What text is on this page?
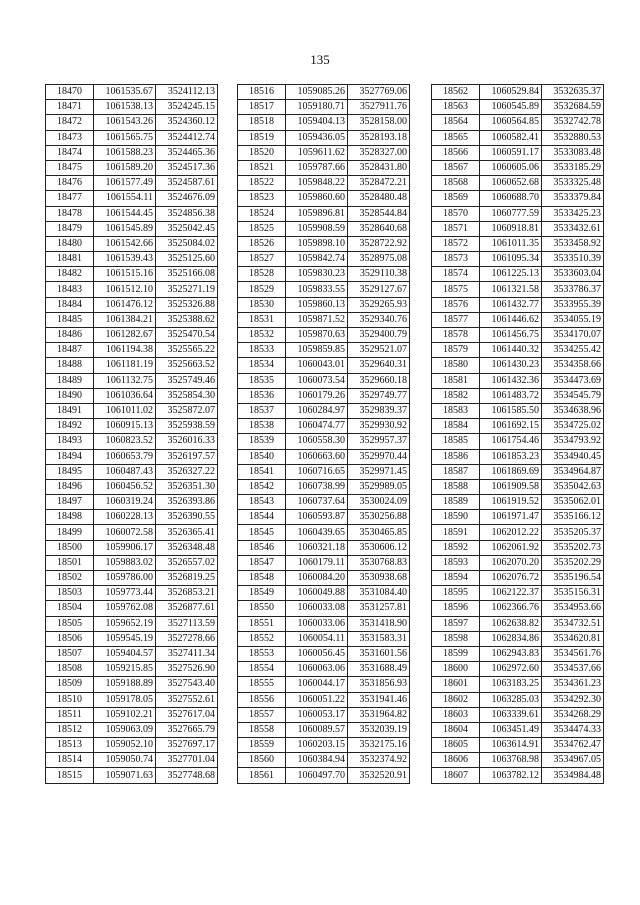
135
18470	1061535.67	3524112.13
18471	1061538.13	3524245.15
18472	1061543.26	3524360.12
18473	1061565.75	3524412.74
18474	1061588.23	3524465.36
18475	1061589.20	3524517.36
18476	1061577.49	3524587.61
18477	1061554.11	3524676.09
18478	1061544.45	3524856.38
18479	1061545.89	3525042.45
18480	1061542.66	3525084.02
18481	1061539.43	3525125.60
18482	1061515.16	3525166.08
18483	1061512.10	3525271.19
18484	1061476.12	3525326.88
18485	1061384.21	3525388.62
18486	1061282.67	3525470.54
18487	1061194.38	3525565.22
18488	1061181.19	3525663.52
18489	1061132.75	3525749.46
18490	1061036.64	3525854.30
18491	1061011.02	3525872.07
18492	1060915.13	3525938.59
18493	1060823.52	3526016.33
18494	1060653.79	3526197.57
18495	1060487.43	3526327.22
18496	1060456.52	3526351.30
18497	1060319.24	3526393.86
18498	1060228.13	3526390.55
18499	1060072.58	3526365.41
18500	1059906.17	3526348.48
18501	1059883.02	3526557.02
18502	1059786.00	3526819.25
18503	1059773.44	3526853.21
18504	1059762.08	3526877.61
18505	1059652.19	3527113.59
18506	1059545.19	3527278.66
18507	1059404.57	3527411.34
18508	1059215.85	3527526.90
18509	1059188.89	3527543.40
18510	1059178.05	3527552.61
18511	1059102.21	3527617.04
18512	1059063.09	3527665.79
18513	1059052.10	3527697.17
18514	1059050.74	3527701.04
18515	1059071.63	3527748.68
18516	1059085.26	3527769.06
18517	1059180.71	3527911.76
18518	1059404.13	3528158.00
18519	1059436.05	3528193.18
18520	1059611.62	3528327.00
18521	1059787.66	3528431.80
18522	1059848.22	3528472.21
18523	1059860.60	3528480.48
18524	1059896.81	3528544.84
18525	1059908.59	3528640.68
18526	1059898.10	3528722.92
18527	1059842.74	3528975.08
18528	1059830.23	3529110.38
18529	1059833.55	3529127.67
18530	1059860.13	3529265.93
18531	1059871.52	3529340.76
18532	1059870.63	3529400.79
18533	1059859.85	3529521.07
18534	1060043.01	3529640.31
18535	1060073.54	3529660.18
18536	1060179.26	3529749.77
18537	1060284.97	3529839.37
18538	1060474.77	3529930.92
18539	1060558.30	3529957.37
18540	1060663.60	3529970.44
18541	1060716.65	3529971.45
18542	1060738.99	3529989.05
18543	1060737.64	3530024.09
18544	1060593.87	3530256.88
18545	1060439.65	3530465.85
18546	1060321.18	3530606.12
18547	1060179.11	3530768.83
18548	1060084.20	3530938.68
18549	1060049.88	3531084.40
18550	1060033.08	3531257.81
18551	1060033.06	3531418.90
18552	1060054.11	3531583.31
18553	1060056.45	3531601.56
18554	1060063.06	3531688.49
18555	1060044.17	3531856.93
18556	1060051.22	3531941.46
18557	1060053.17	3531964.82
18558	1060089.57	3532039.19
18559	1060203.15	3532175.16
18560	1060384.94	3532374.92
18561	1060497.70	3532520.91
18562	1060529.84	3532635.37
18563	1060545.89	3532684.59
18564	1060564.85	3532742.78
18565	1060582.41	3532880.53
18566	1060591.17	3533083.48
18567	1060605.06	3533185.29
18568	1060652.68	3533325.48
18569	1060688.70	3533379.84
18570	1060777.59	3533425.23
18571	1060918.81	3533432.61
18572	1061011.35	3533458.92
18573	1061095.34	3533510.39
18574	1061225.13	3533603.04
18575	1061321.58	3533786.37
18576	1061432.77	3533955.39
18577	1061446.62	3534055.19
18578	1061456.75	3534170.07
18579	1061440.32	3534255.42
18580	1061430.23	3534358.66
18581	1061432.36	3534473.69
18582	1061483.72	3534545.79
18583	1061585.50	3534638.96
18584	1061692.15	3534725.02
18585	1061754.46	3534793.92
18586	1061853.23	3534940.45
18587	1061869.69	3534964.87
18588	1061909.58	3535042.63
18589	1061919.52	3535062.01
18590	1061971.47	3535166.12
18591	1062012.22	3535205.37
18592	1062061.92	3535202.73
18593	1062070.20	3535202.29
18594	1062076.72	3535196.54
18595	1062122.37	3535156.31
18596	1062366.76	3534953.66
18597	1062638.82	3534732.51
18598	1062834.86	3534620.81
18599	1062943.83	3534561.76
18600	1062972.60	3534537.66
18601	1063183.25	3534361.23
18602	1063285.03	3534292.30
18603	1063339.61	3534268.29
18604	1063451.49	3534474.33
18605	1063614.91	3534762.47
18606	1063768.98	3534967.05
18607	1063782.12	3534984.48
